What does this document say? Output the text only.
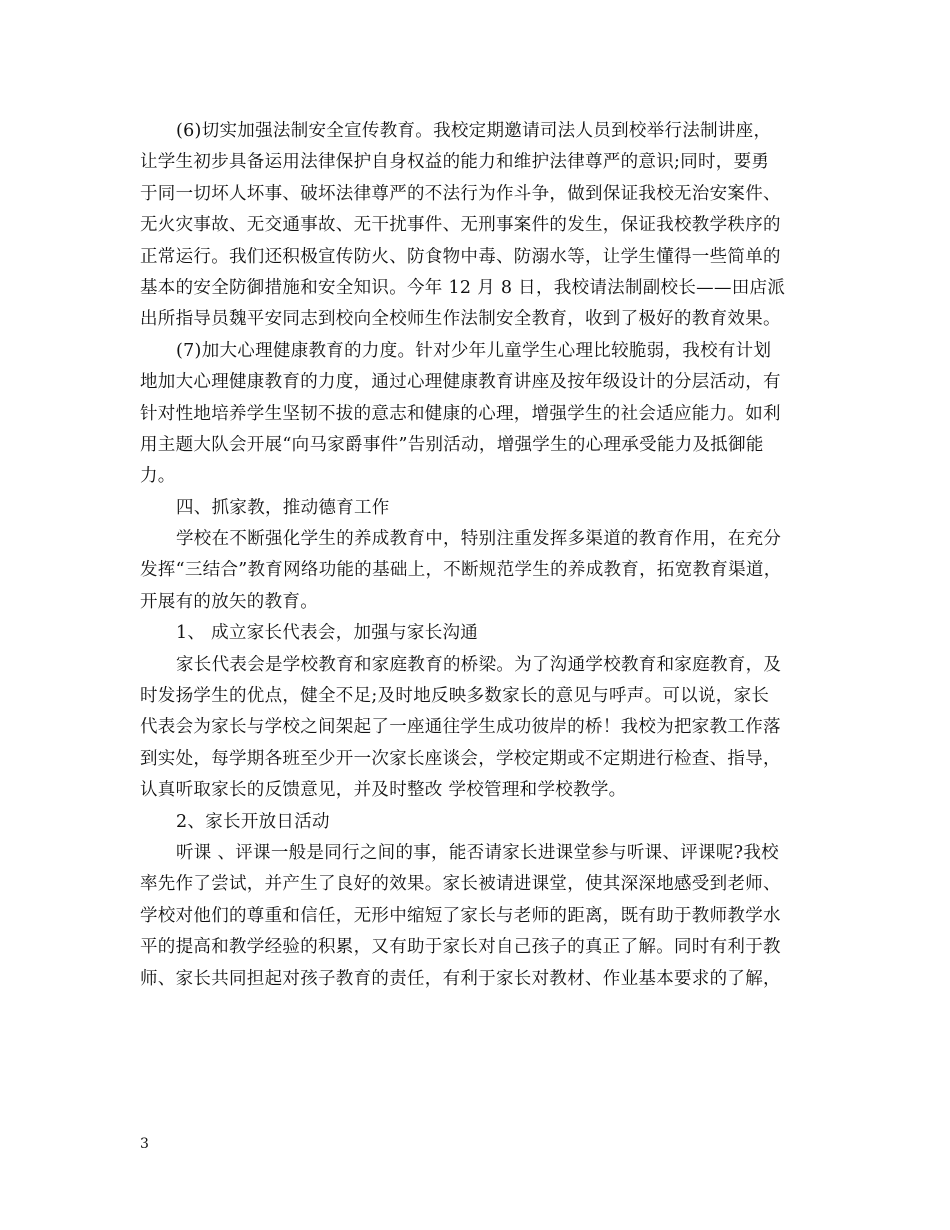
(6)切实加强法制安全宣传教育。我校定期邀请司法人员到校举行法制讲座，
让学生初步具备运用法律保护自身权益的能力和维护法律尊严的意识;同时，要勇
于同一切坏人坏事、破坏法律尊严的不法行为作斗争，做到保证我校无治安案件、
无火灾事故、无交通事故、无干扰事件、无刑事案件的发生，保证我校教学秩序的
正常运行。我们还积极宣传防火、防食物中毒、防溺水等，让学生懂得一些简单的
基本的安全防御措施和安全知识。今年 12 月 8 日，我校请法制副校长——田店派
出所指导员魏平安同志到校向全校师生作法制安全教育，收到了极好的教育效果。
(7)加大心理健康教育的力度。针对少年儿童学生心理比较脆弱，我校有计划
地加大心理健康教育的力度，通过心理健康教育讲座及按年级设计的分层活动，有
针对性地培养学生坚韧不拔的意志和健康的心理，增强学生的社会适应能力。如利
用主题大队会开展“向马家爵事件”告别活动，增强学生的心理承受能力及抵御能
力。
四、抓家教，推动德育工作
学校在不断强化学生的养成教育中，特别注重发挥多渠道的教育作用，在充分
发挥“三结合”教育网络功能的基础上，不断规范学生的养成教育，拓宽教育渠道，
开展有的放矢的教育。
1、 成立家长代表会，加强与家长沟通
家长代表会是学校教育和家庭教育的桥梁。为了沟通学校教育和家庭教育，及
时发扬学生的优点，健全不足;及时地反映多数家长的意见与呼声。可以说，家长
代表会为家长与学校之间架起了一座通往学生成功彼岸的桥！我校为把家教工作落
到实处，每学期各班至少开一次家长座谈会，学校定期或不定期进行检查、指导，
认真听取家长的反馈意见，并及时整改 学校管理和学校教学。
2、家长开放日活动
听课 、评课一般是同行之间的事，能否请家长进课堂参与听课、评课呢?我校
率先作了尝试，并产生了良好的效果。家长被请进课堂，使其深深地感受到老师、
学校对他们的尊重和信任，无形中缩短了家长与老师的距离，既有助于教师教学水
平的提高和教学经验的积累，又有助于家长对自己孩子的真正了解。同时有利于教
师、家长共同担起对孩子教育的责任，有利于家长对教材、作业基本要求的了解，
3
